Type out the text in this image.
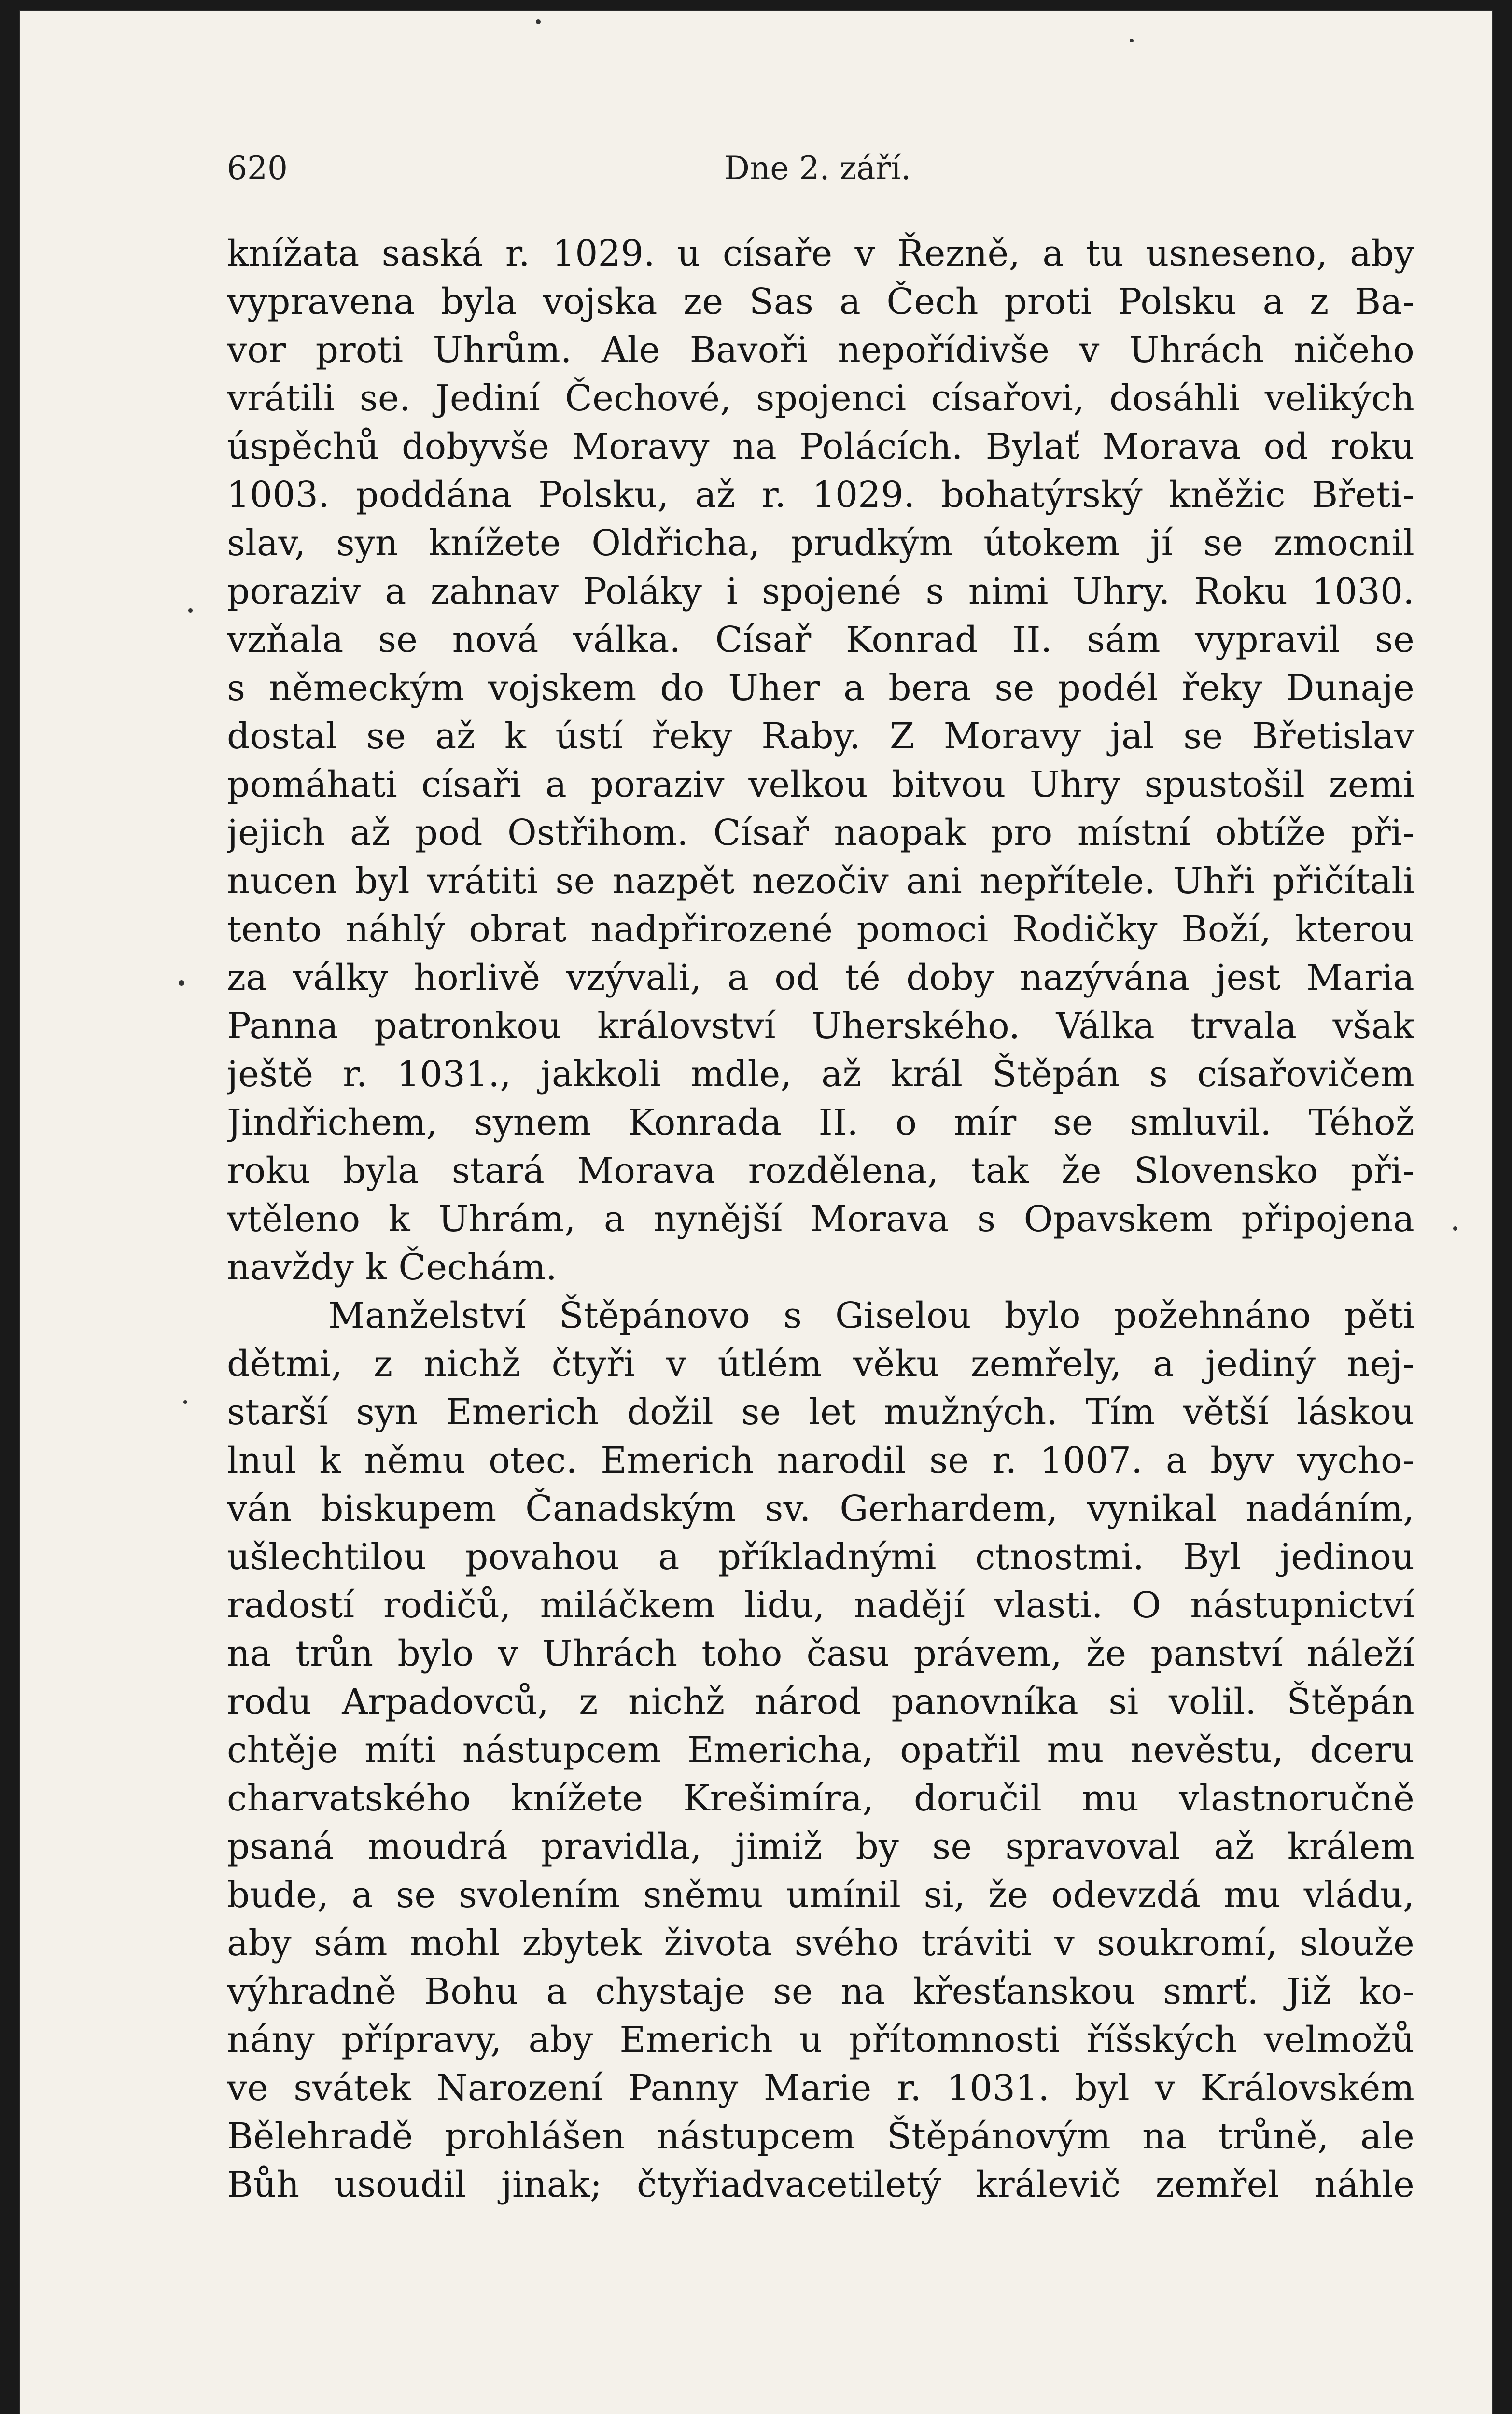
620	Dne 2. září.
knížata saská r. 1029. u císaře v Řezně, a tu usneseno, aby
vypravena byla vojska ze Sas a Čech proti Polsku a z Ba-
vor proti Uhrům. Ale Bavoři nepořídivše v Uhrách ničeho
vrátili se. Jediní Čechové, spojenci císařovi, dosáhli velikých
úspěchů dobyvše Moravy na Polácích. Bylať Morava od roku
1003. poddána Polsku, až r. 1029. bohatýrský kněžic Břeti-
slav, syn knížete Oldřicha, prudkým útokem jí se zmocnil
poraziv a zahnav Poláky i spojené s nimi Uhry. Roku 1030.
vzňala se nová válka. Císař Konrad II. sám vypravil se
s německým vojskem do Uher a bera se podél řeky Dunaje
dostal se až k ústí řeky Raby. Z Moravy jal se Břetislav
pomáhati císaři a poraziv velkou bitvou Uhry spustošil zemi
jejich až pod Ostřihom. Císař naopak pro místní obtíže při-
nucen byl vrátiti se nazpět nezočiv ani nepřítele. Uhři přičítali
tento náhlý obrat nadpřirozené pomoci Rodičky Boží, kterou
za války horlivě vzývali, a od té doby nazývána jest Maria
Panna patronkou království Uherského. Válka trvala však
ještě r. 1031., jakkoli mdle, až král Štěpán s císařovičem
Jindřichem, synem Konrada II. o mír se smluvil. Téhož
roku byla stará Morava rozdělena, tak že Slovensko při-
vtěleno k Uhrám, a nynější Morava s Opavskem připojena
navždy k Čechám.
Manželství Štěpánovo s Giselou bylo požehnáno pěti
dětmi, z nichž čtyři v útlém věku zemřely, a jediný nej-
starší syn Emerich dožil se let mužných. Tím větší láskou
lnul k němu otec. Emerich narodil se r. 1007. a byv vycho-
ván biskupem Čanadským sv. Gerhardem, vynikal nadáním,
ušlechtilou povahou a příkladnými ctnostmi. Byl jedinou
radostí rodičů, miláčkem lidu, nadějí vlasti. O nástupnictví
na trůn bylo v Uhrách toho času právem, že panství náleží
rodu Arpadovců, z nichž národ panovníka si volil. Štěpán
chtěje míti nástupcem Emericha, opatřil mu nevěstu, dceru
charvatského knížete Krešimíra, doručil mu vlastnoručně
psaná moudrá pravidla, jimiž by se spravoval až králem
bude, a se svolením sněmu umínil si, že odevzdá mu vládu,
aby sám mohl zbytek života svého tráviti v soukromí, slouže
výhradně Bohu a chystaje se na křesťanskou smrť. Již ko-
nány přípravy, aby Emerich u přítomnosti říšských velmožů
ve svátek Narození Panny Marie r. 1031. byl v Královském
Bělehradě prohlášen nástupcem Štěpánovým na trůně, ale
Bůh usoudil jinak; čtyřiadvacetiletý králevič zemřel náhle
